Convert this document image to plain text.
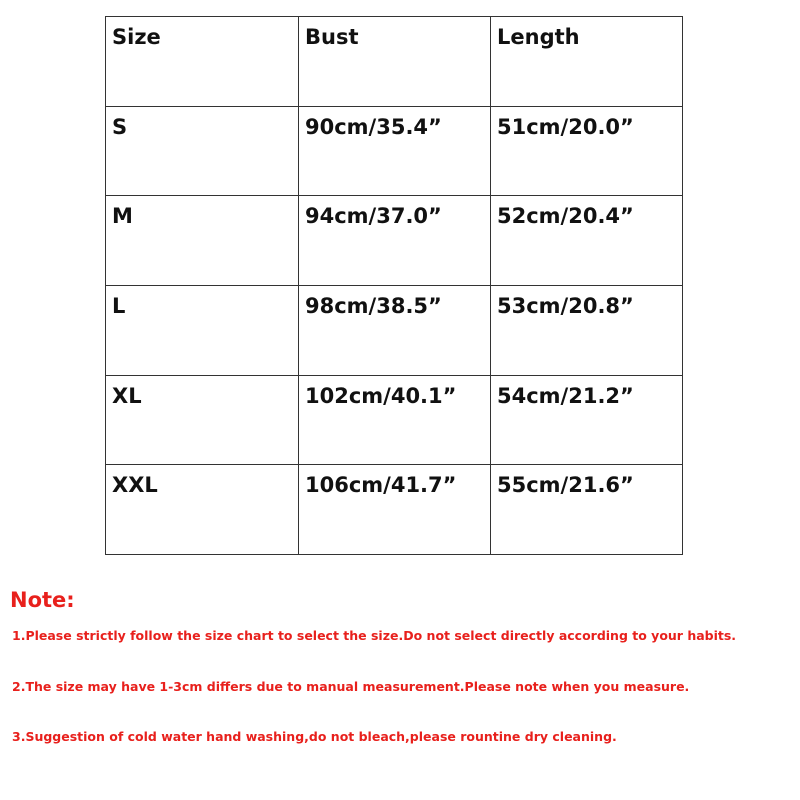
Size	Bust	Length
S	90cm/35.4”	51cm/20.0”
M	94cm/37.0”	52cm/20.4”
L	98cm/38.5”	53cm/20.8”
XL	102cm/40.1”	54cm/21.2”
XXL	106cm/41.7”	55cm/21.6”

Note:

1.Please strictly follow the size chart to select the size.Do not select directly according to your habits.

2.The size may have 1-3cm differs due to manual measurement.Please note when you measure.

3.Suggestion of cold water hand washing,do not bleach,please rountine dry cleaning.
